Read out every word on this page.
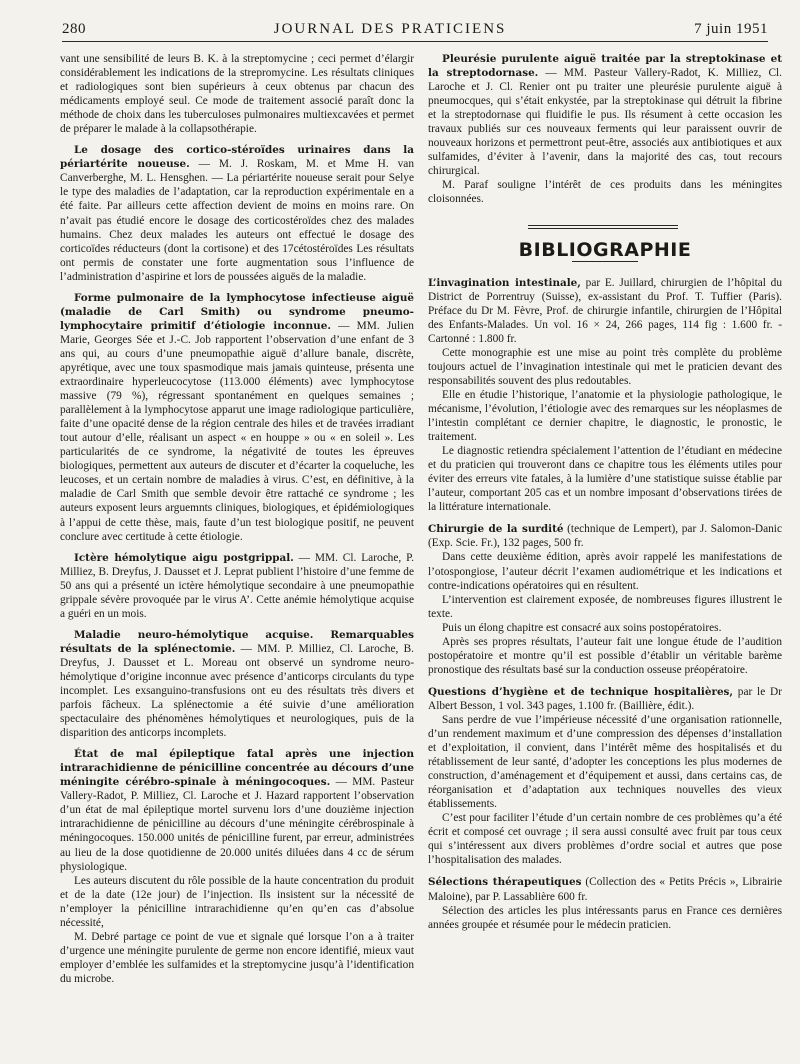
280	JOURNAL DES PRATICIENS	7 juin 1951

vant une sensibilité de leurs B. K. à la streptomycine ; ceci permet d’élargir considérablement les indications de la strepromycine. Les résultats cliniques et radiologiques sont bien supérieurs à ceux obtenus par chacun des médicaments employé seul. Ce mode de traitement associé paraît donc la méthode de choix dans les tuberculoses pulmonaires multiexcavées et permet de préparer le malade à la collapsothérapie.

Le dosage des cortico-stéroïdes urinaires dans la périartérite noueuse. — M. J. Roskam, M. et Mme H. van Canverberghe, M. L. Hensghen. — La périartérite noueuse serait pour Selye le type des maladies de l’adaptation, car la reproduction expérimentale en a été faite. Par ailleurs cette affection devient de moins en moins rare. On n’avait pas étudié encore le dosage des corticostéroïdes chez des malades humains. Chez deux malades les auteurs ont effectué le dosage des corticoïdes réducteurs (dont la cortisone) et des 17cétostéroïdes Les résultats ont permis de constater une forte augmentation sous l’influence de l’administration d’aspirine et lors de poussées aiguës de la maladie.

Forme pulmonaire de la lymphocytose infectieuse aiguë (maladie de Carl Smith) ou syndrome pneumo-lymphocytaire primitif d’étiologie inconnue. — MM. Julien Marie, Georges Sée et J.-C. Job rapportent l’observation d’une enfant de 3 ans qui, au cours d’une pneumopathie aiguë d’allure banale, discrète, apyrétique, avec une toux spasmodique mais jamais quinteuse, présenta une extraordinaire hyperleucocytose (113.000 éléments) avec lymphocytose massive (79 %), régressant spontanément en quelques semaines ; parallèlement à la lymphocytose apparut une image radiologique particulière, faite d’une opacité dense de la région centrale des hiles et de travées irradiant tout autour d’elle, réalisant un aspect « en houppe » ou « en soleil ». Les particularités de ce syndrome, la négativité de toutes les épreuves biologiques, permettent aux auteurs de discuter et d’écarter la coqueluche, les leucoses, et un certain nombre de maladies à virus. C’est, en définitive, à la maladie de Carl Smith que semble devoir être rattaché ce syndrome ; les auteurs exposent leurs arguemnts cliniques, biologiques, et épidémiologiques à l’appui de cette thèse, mais, faute d’un test biologique positif, ne peuvent conclure avec certitude à cette étiologie.

Ictère hémolytique aigu postgrippal. — MM. Cl. Laroche, P. Milliez, B. Dreyfus, J. Dausset et J. Leprat publient l’histoire d’une femme de 50 ans qui a présenté un ictère hémolytique secondaire à une pneumopathie grippale sévère provoquée par le virus A’. Cette anémie hémolytique acquise a guéri en un mois.

Maladie neuro-hémolytique acquise. Remarquables résultats de la splénectomie. — MM. P. Milliez, Cl. Laroche, B. Dreyfus, J. Dausset et L. Moreau ont observé un syndrome neuro-hémolytique d’origine inconnue avec présence d’anticorps circulants du type incomplet. Les exsanguino-transfusions ont eu des résultats très divers et parfois fâcheux. La splénectomie a été suivie d’une amélioration spectaculaire des phénomènes hémolytiques et neurologiques, puis de la disparition des anticorps incomplets.

État de mal épileptique fatal après une injection intrarachidienne de pénicilline concentrée au décours d’une méningite cérébro-spinale à méningocoques. — MM. Pasteur Vallery-Radot, P. Milliez, Cl. Laroche et J. Hazard rapportent l’observation d’un état de mal épileptique mortel survenu lors d’une douzième injection intrarachidienne de pénicilline au décours d’une méningite cérébrospinale à méningocoques. 150.000 unités de pénicilline furent, par erreur, administrées au lieu de la dose quotidienne de 20.000 unités diluées dans 4 cc de sérum physiologique.

Les auteurs discutent du rôle possible de la haute concentration du produit et de la date (12e jour) de l’injection. Ils insistent sur la nécessité de n’employer la pénicilline intrarachidienne qu’en qu’en cas d’absolue nécessité,

M. Debré partage ce point de vue et signale qué lorsque l’on a à traiter d’urgence une méningite purulente de germe non encore identifié, mieux vaut employer d’emblée les sulfamides et la streptomycine jusqu’à l’identification du microbe.

Pleurésie purulente aiguë traitée par la streptokinase et la streptodornase. — MM. Pasteur Vallery-Radot, K. Milliez, Cl. Laroche et J. Cl. Renier ont pu traiter une pleurésie purulente aiguë à pneumocques, qui s’était enkystée, par la streptokinase qui détruit la fibrine et la streptodornase qui fluidifie le pus. Ils résument à cette occasion les travaux publiés sur ces nouveaux ferments qui leur paraissent ouvrir de nouveaux horizons et permettront peut-être, associés aux antibiotiques et aux sulfamides, d’éviter à l’avenir, dans la majorité des cas, tout recours chirurgical.

M. Paraf souligne l’intérêt de ces produits dans les méningites cloisonnées.

BIBLIOGRAPHIE

L’invagination intestinale, par E. Juillard, chirurgien de l’hôpital du District de Porrentruy (Suisse), ex-assistant du Prof. T. Tuffier (Paris). Préface du Dr M. Fèvre, Prof. de chirurgie infantile, chirurgien de l’Hôpital des Enfants-Malades. Un vol. 16 × 24, 266 pages, 114 fig : 1.600 fr. - Cartonné : 1.800 fr.

Cette monographie est une mise au point très complète du problème toujours actuel de l’invagination intestinale qui met le praticien devant des responsabilités souvent des plus redoutables.

Elle en étudie l’historique, l’anatomie et la physiologie pathologique, le mécanisme, l’évolution, l’étiologie avec des remarques sur les néoplasmes de l’intestin complétant ce dernier chapitre, le diagnostic, le pronostic, le traitement.

Le diagnostic retiendra spécialement l’attention de l’étudiant en médecine et du praticien qui trouveront dans ce chapitre tous les éléments utiles pour éviter des erreurs vite fatales, à la lumière d’une statistique suisse établie par l’auteur, comportant 205 cas et un nombre imposant d’observations tirées de la littérature internationale.

Chirurgie de la surdité (technique de Lempert), par J. Salomon-Danic (Exp. Scie. Fr.), 132 pages, 500 fr.

Dans cette deuxième édition, après avoir rappelé les manifestations de l’otospongiose, l’auteur décrit l’examen audiométrique et les indications et contre-indications opératoires qui en résultent.

L’intervention est clairement exposée, de nombreuses figures illustrent le texte.

Puis un élong chapitre est consacré aux soins postopératoires.

Après ses propres résultats, l’auteur fait une longue étude de l’audition postopératoire et montre qu’il est possible d’établir un véritable barème pronostique des résultats basé sur la conduction osseuse préopératoire.

Questions d’hygiène et de technique hospitalières, par le Dr Albert Besson, 1 vol. 343 pages, 1.100 fr. (Baillière, édit.).

Sans perdre de vue l’impérieuse nécessité d’une organisation rationnelle, d’un rendement maximum et d’une compression des dépenses d’installation et d’exploitation, il convient, dans l’intérêt même des hospitalisés et du rétablissement de leur santé, d’adopter les conceptions les plus modernes de construction, d’aménagement et d’équipement et aussi, dans certains cas, de réorganisation et d’adaptation aux techniques nouvelles des vieux établissements.

C’est pour faciliter l’étude d’un certain nombre de ces problèmes qu’a été écrit et composé cet ouvrage ; il sera aussi consulté avec fruit par tous ceux qui s’intéressent aux divers problèmes d’ordre social et autres que pose l’hospitalisation des malades.

Sélections thérapeutiques (Collection des « Petits Précis », Librairie Maloine), par P. Lassablière 600 fr.

Sélection des articles les plus intéressants parus en France ces dernières années groupée et résumée pour le médecin praticien.
